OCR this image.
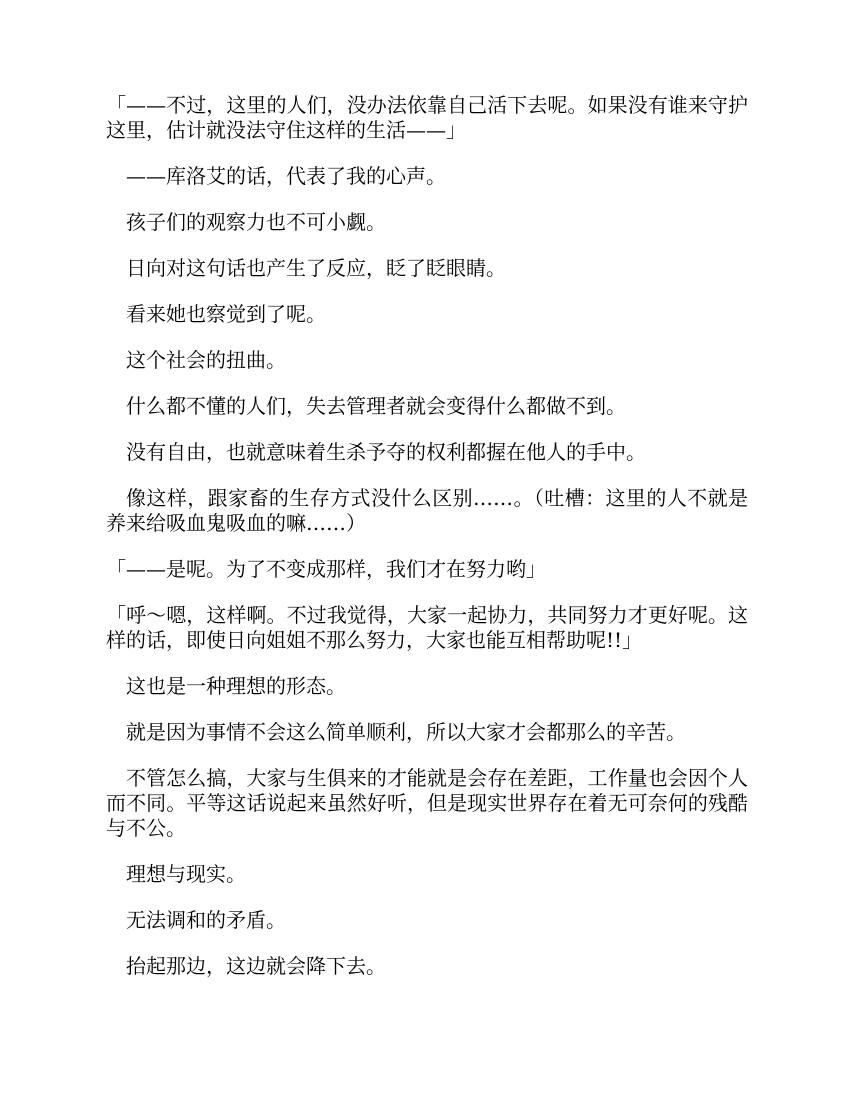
「——不过，这里的人们，没办法依靠自己活下去呢。如果没有谁来守护这里，估计就没法守住这样的生活——」

——库洛艾的话，代表了我的心声。

孩子们的观察力也不可小觑。

日向对这句话也产生了反应，眨了眨眼睛。

看来她也察觉到了呢。

这个社会的扭曲。

什么都不懂的人们，失去管理者就会变得什么都做不到。

没有自由，也就意味着生杀予夺的权利都握在他人的手中。

像这样，跟家畜的生存方式没什么区别……。（吐槽：这里的人不就是养来给吸血鬼吸血的嘛……）

「——是呢。为了不变成那样，我们才在努力哟」

「呼～嗯，这样啊。不过我觉得，大家一起协力，共同努力才更好呢。这样的话，即使日向姐姐不那么努力，大家也能互相帮助呢!!」

这也是一种理想的形态。

就是因为事情不会这么简单顺利，所以大家才会都那么的辛苦。

不管怎么搞，大家与生俱来的才能就是会存在差距，工作量也会因个人而不同。平等这话说起来虽然好听，但是现实世界存在着无可奈何的残酷与不公。

理想与现实。

无法调和的矛盾。

抬起那边，这边就会降下去。
